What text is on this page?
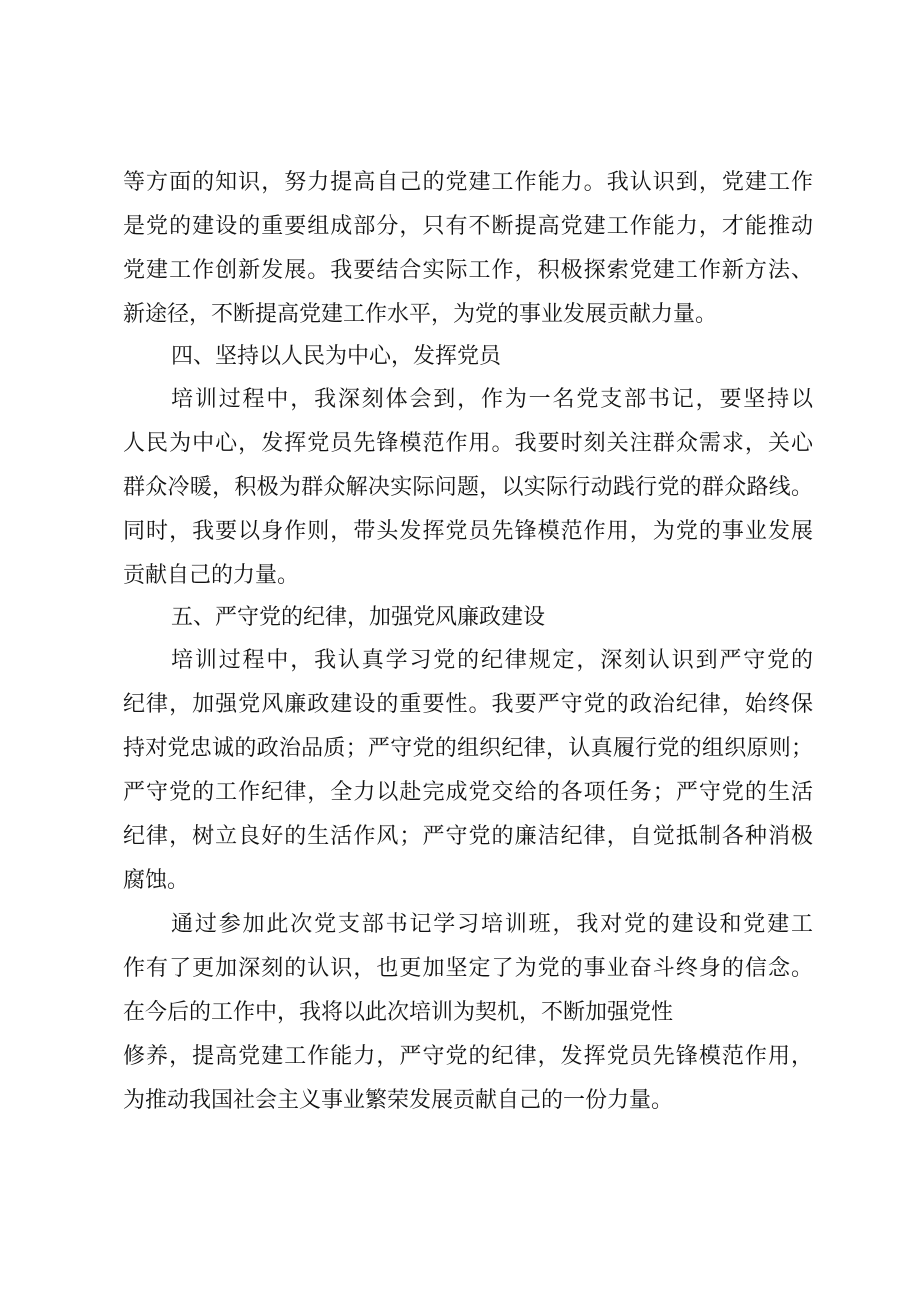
等方面的知识，努力提高自己的党建工作能力。我认识到，党建工作
是党的建设的重要组成部分，只有不断提高党建工作能力，才能推动
党建工作创新发展。我要结合实际工作，积极探索党建工作新方法、
新途径，不断提高党建工作水平，为党的事业发展贡献力量。
四、坚持以人民为中心，发挥党员
培训过程中，我深刻体会到，作为一名党支部书记，要坚持以
人民为中心，发挥党员先锋模范作用。我要时刻关注群众需求，关心
群众冷暖，积极为群众解决实际问题，以实际行动践行党的群众路线。
同时，我要以身作则，带头发挥党员先锋模范作用，为党的事业发展
贡献自己的力量。
五、严守党的纪律，加强党风廉政建设
培训过程中，我认真学习党的纪律规定，深刻认识到严守党的
纪律，加强党风廉政建设的重要性。我要严守党的政治纪律，始终保
持对党忠诚的政治品质；严守党的组织纪律，认真履行党的组织原则；
严守党的工作纪律，全力以赴完成党交给的各项任务；严守党的生活
纪律，树立良好的生活作风；严守党的廉洁纪律，自觉抵制各种消极
腐蚀。
通过参加此次党支部书记学习培训班，我对党的建设和党建工
作有了更加深刻的认识，也更加坚定了为党的事业奋斗终身的信念。
在今后的工作中，我将以此次培训为契机，不断加强党性
修养，提高党建工作能力，严守党的纪律，发挥党员先锋模范作用，
为推动我国社会主义事业繁荣发展贡献自己的一份力量。
